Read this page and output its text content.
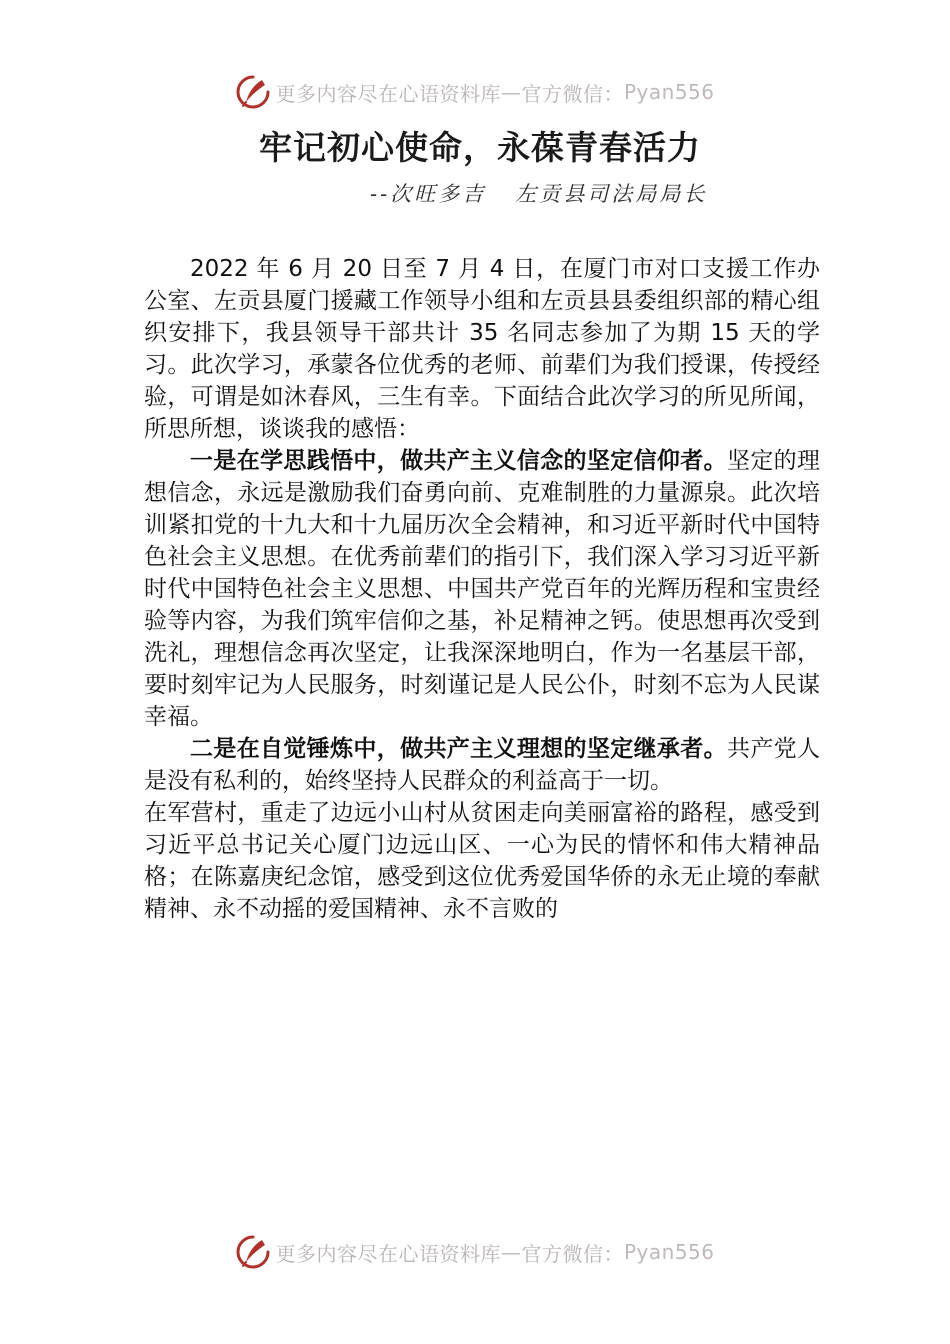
更多内容尽在心语资料库 — 官方微信： Pyan556
牢记初心使命，永葆青春活力
--次旺多吉   左贡县司法局局长

2022 年 6 月 20 日至 7 月 4 日，在厦门市对口支援工作办公室、左贡县厦门援藏工作领导小组和左贡县县委组织部的精心组织安排下，我县领导干部共计 35 名同志参加了为期 15 天的学习。此次学习，承蒙各位优秀的老师、前辈们为我们授课，传授经验，可谓是如沐春风，三生有幸。下面结合此次学习的所见所闻，所思所想，谈谈我的感悟：

一是在学思践悟中，做共产主义信念的坚定信仰者。坚定的理想信念，永远是激励我们奋勇向前、克难制胜的力量源泉。此次培训紧扣党的十九大和十九届历次全会精神，和习近平新时代中国特色社会主义思想。在优秀前辈们的指引下，我们深入学习习近平新时代中国特色社会主义思想、中国共产党百年的光辉历程和宝贵经验等内容，为我们筑牢信仰之基，补足精神之钙。使思想再次受到洗礼，理想信念再次坚定，让我深深地明白，作为一名基层干部，要时刻牢记为人民服务，时刻谨记是人民公仆，时刻不忘为人民谋幸福。

二是在自觉锤炼中，做共产主义理想的坚定继承者。共产党人是没有私利的，始终坚持人民群众的利益高于一切。

在军营村，重走了边远小山村从贫困走向美丽富裕的路程，感受到习近平总书记关心厦门边远山区、一心为民的情怀和伟大精神品格；在陈嘉庚纪念馆，感受到这位优秀爱国华侨的永无止境的奉献精神、永不动摇的爱国精神、永不言败的

更多内容尽在心语资料库 — 官方微信： Pyan556
